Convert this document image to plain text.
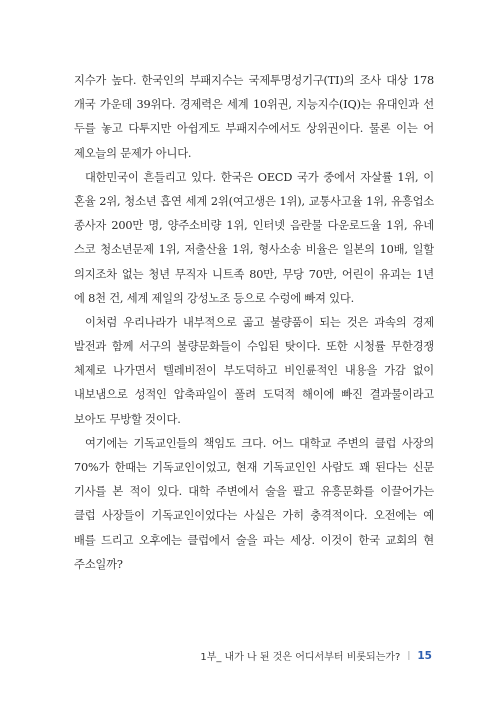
지수가 높다. 한국인의 부패지수는 국제투명성기구(TI)의 조사 대상 178
개국 가운데 39위다. 경제력은 세계 10위권, 지능지수(IQ)는 유대인과 선
두를 놓고 다투지만 아쉽게도 부패지수에서도 상위권이다. 물론 이는 어
제오늘의 문제가 아니다.
대한민국이 흔들리고 있다. 한국은 OECD 국가 중에서 자살률 1위, 이
혼율 2위, 청소년 흡연 세계 2위(여고생은 1위), 교통사고율 1위, 유흥업소
종사자 200만 명, 양주소비량 1위, 인터넷 음란물 다운로드율 1위, 유네
스코 청소년문제 1위, 저출산율 1위, 형사소송 비율은 일본의 10배, 일할
의지조차 없는 청년 무직자 니트족 80만, 무당 70만, 어린이 유괴는 1년
에 8천 건, 세계 제일의 강성노조 등으로 수렁에 빠져 있다.
이처럼 우리나라가 내부적으로 곪고 불량품이 되는 것은 과속의 경제
발전과 함께 서구의 불량문화들이 수입된 탓이다. 또한 시청률 무한경쟁
체제로 나가면서 텔레비전이 부도덕하고 비인륜적인 내용을 가감 없이
내보냄으로 성적인 압축파일이 풀려 도덕적 해이에 빠진 결과물이라고
보아도 무방할 것이다.
여기에는 기독교인들의 책임도 크다. 어느 대학교 주변의 클럽 사장의
70%가 한때는 기독교인이었고, 현재 기독교인인 사람도 꽤 된다는 신문
기사를 본 적이 있다. 대학 주변에서 술을 팔고 유흥문화를 이끌어가는
클럽 사장들이 기독교인이었다는 사실은 가히 충격적이다. 오전에는 예
배를 드리고 오후에는 클럽에서 술을 파는 세상. 이것이 한국 교회의 현
주소일까?
1부_ 내가 나 된 것은 어디서부터 비롯되는가? | 15
